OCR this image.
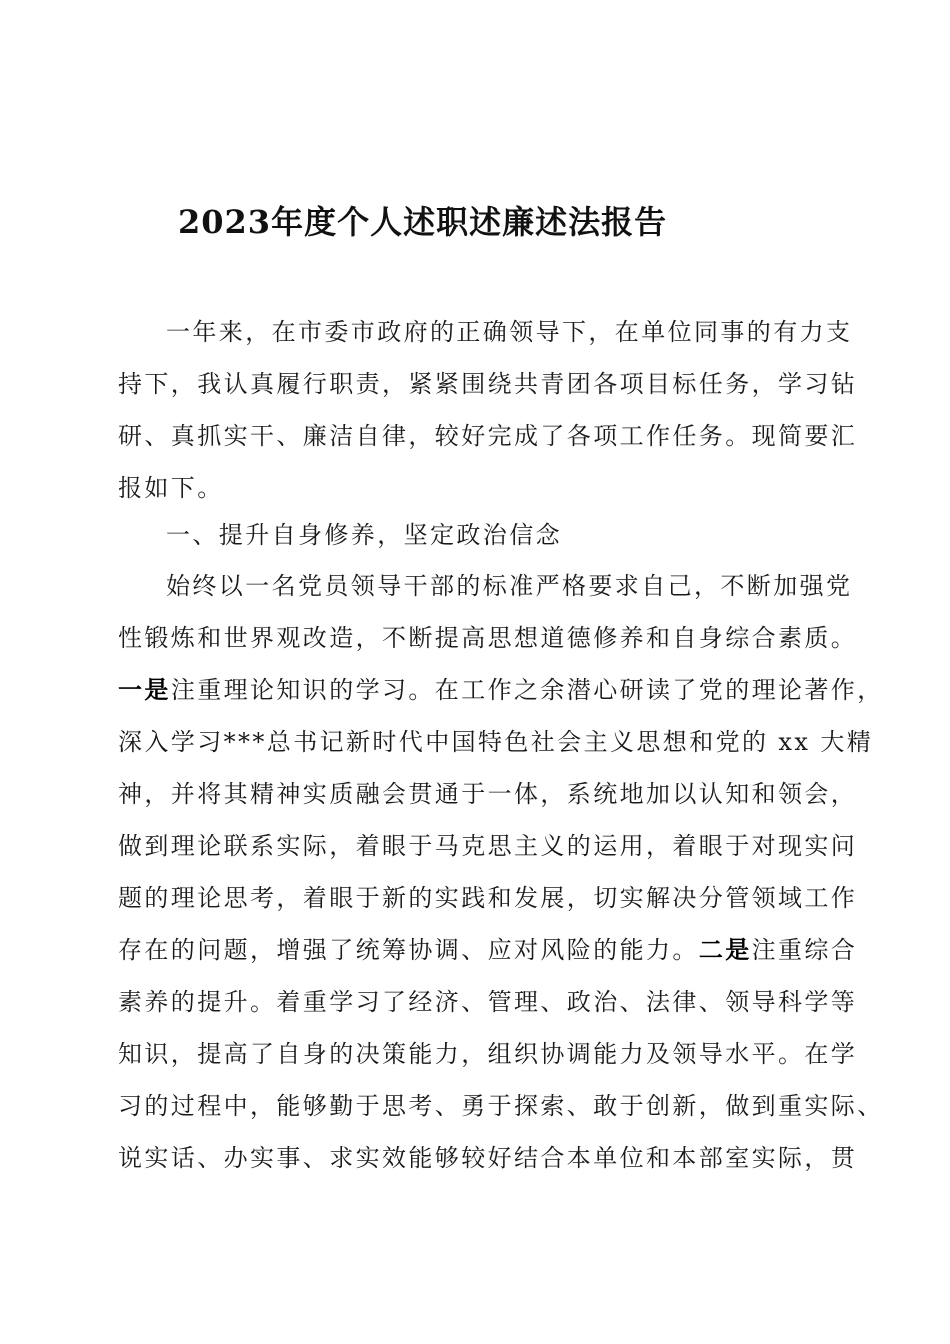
2023年度个人述职述廉述法报告
一年来，在市委市政府的正确领导下，在单位同事的有力支
持下，我认真履行职责，紧紧围绕共青团各项目标任务，学习钻
研、真抓实干、廉洁自律，较好完成了各项工作任务。现简要汇
报如下。
一、提升自身修养，坚定政治信念
始终以一名党员领导干部的标准严格要求自己，不断加强党
性锻炼和世界观改造，不断提高思想道德修养和自身综合素质。
一是注重理论知识的学习。在工作之余潜心研读了党的理论著作，
深入学习***总书记新时代中国特色社会主义思想和党的 xx 大精
神，并将其精神实质融会贯通于一体，系统地加以认知和领会，
做到理论联系实际，着眼于马克思主义的运用，着眼于对现实问
题的理论思考，着眼于新的实践和发展，切实解决分管领域工作
存在的问题，增强了统筹协调、应对风险的能力。二是注重综合
素养的提升。着重学习了经济、管理、政治、法律、领导科学等
知识，提高了自身的决策能力，组织协调能力及领导水平。在学
习的过程中，能够勤于思考、勇于探索、敢于创新，做到重实际、
说实话、办实事、求实效能够较好结合本单位和本部室实际，贯
